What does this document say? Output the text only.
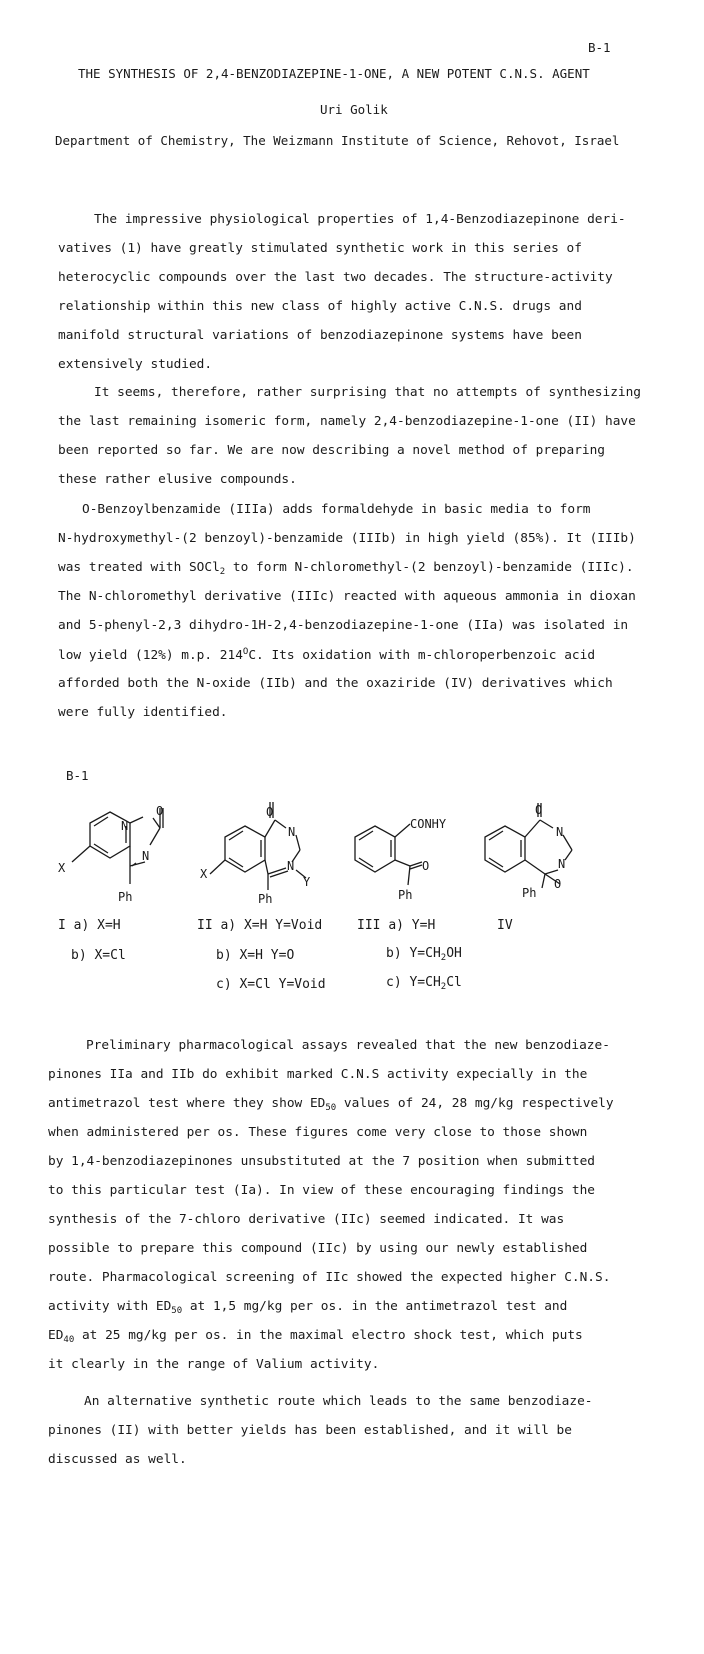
B-1
THE SYNTHESIS OF 2,4-BENZODIAZEPINE-1-ONE, A NEW POTENT C.N.S. AGENT
Uri Golik
Department of Chemistry, The Weizmann Institute of Science, Rehovot, Israel
The impressive physiological properties of 1,4-Benzodiazepinone deri-
vatives (1) have greatly stimulated synthetic work in this series of
heterocyclic compounds over the last two decades. The structure-activity
relationship within this new class of highly active C.N.S. drugs and
manifold structural variations of benzodiazepinone systems have been
extensively studied.
It seems, therefore, rather surprising that no attempts of synthesizing
the last remaining isomeric form, namely 2,4-benzodiazepine-1-one (II) have
been reported so far. We are now describing a novel method of preparing
these rather elusive compounds.
O-Benzoylbenzamide (IIIa) adds formaldehyde in basic media to form
N-hydroxymethyl-(2 benzoyl)-benzamide (IIIb) in high yield (85%). It (IIIb)
was treated with SOCl$_2$ to form N-chloromethyl-(2 benzoyl)-benzamide (IIIc).
The N-chloromethyl derivative (IIIc) reacted with aqueous ammonia in dioxan
and 5-phenyl-2,3 dihydro-1H-2,4-benzodiazepine-1-one (IIa) was isolated in
low yield (12%) m.p. $214^OC$. Its oxidation with m-chloroperbenzoic acid
afforded both the N-oxide (IIb) and the oxaziride (IV) derivatives which
were fully identified.
B-1
N
O
N
X
Ph
O
N
N
Y
X
Ph
CONHY
O
Ph
O
N
N
O
Ph
I a) X=H
b) X=Cl
II a) X=H Y=Void
b) X=H Y=O
c) X=Cl Y=Void
III a) Y=H
b) $Y=CH_2OH$
c) $Y=CH_2Cl$
IV
Preliminary pharmacological assays revealed that the new benzodiaze-
pinones IIa and IIb do exhibit marked C.N.S activity expecially in the
antimetrazol test where they show $ED_{50}$ values of 24, 28 mg/kg respectively
when administered per os. These figures come very close to those shown
by 1,4-benzodiazepinones unsubstituted at the 7 position when submitted
to this particular test (Ia). In view of these encouraging findings the
synthesis of the 7-chloro derivative (IIc) seemed indicated. It was
possible to prepare this compound (IIc) by using our newly established
route. Pharmacological screening of IIc showed the expected higher C.N.S.
activity with $ED_{50}$ at 1,5 mg/kg per os. in the antimetrazol test and
$ED_{40}$ at 25 mg/kg per os. in the maximal electro shock test, which puts
it clearly in the range of Valium activity.
An alternative synthetic route which leads to the same benzodiaze-
pinones (II) with better yields has been established, and it will be
discussed as well.
